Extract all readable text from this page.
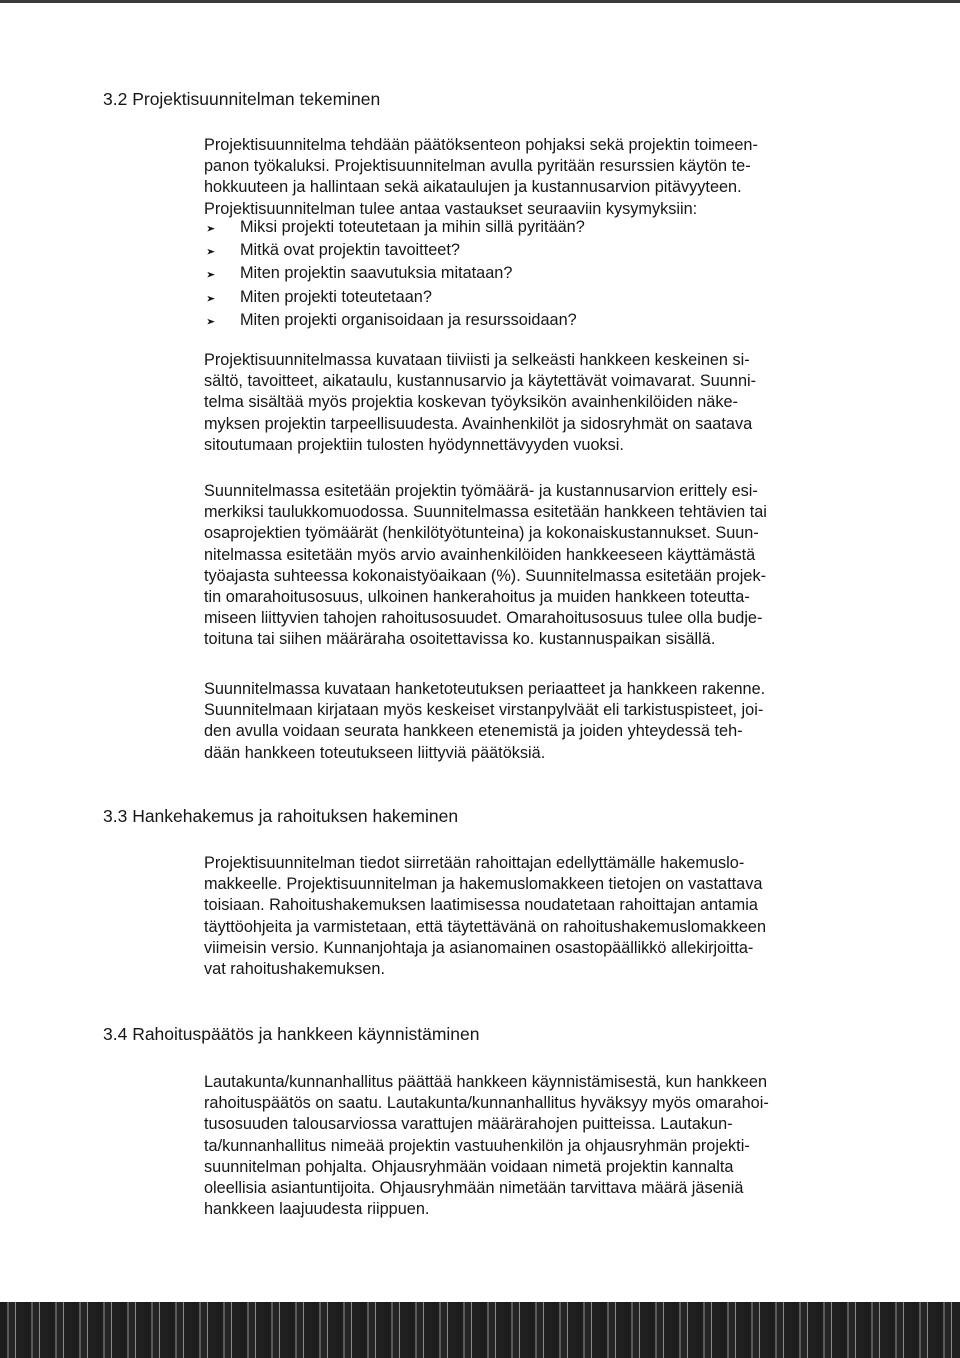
3.2 Projektisuunnitelman tekeminen

Projektisuunnitelma tehdään päätöksenteon pohjaksi sekä projektin toimeen-
panon työkaluksi. Projektisuunnitelman avulla pyritään resurssien käytön te-
hokkuuteen ja hallintaan sekä aikataulujen ja kustannusarvion pitävyyteen.
Projektisuunnitelman tulee antaa vastaukset seuraaviin kysymyksiin:

➤ Miksi projekti toteutetaan ja mihin sillä pyritään?
➤ Mitkä ovat projektin tavoitteet?
➤ Miten projektin saavutuksia mitataan?
➤ Miten projekti toteutetaan?
➤ Miten projekti organisoidaan ja resurssoidaan?

Projektisuunnitelmassa kuvataan tiiviisti ja selkeästi hankkeen keskeinen si-
sältö, tavoitteet, aikataulu, kustannusarvio ja käytettävät voimavarat. Suunni-
telma sisältää myös projektia koskevan työyksikön avainhenkilöiden näke-
myksen projektin tarpeellisuudesta. Avainhenkilöt ja sidosryhmät on saatava
sitoutumaan projektiin tulosten hyödynnettävyyden vuoksi.

Suunnitelmassa esitetään projektin työmäärä- ja kustannusarvion erittely esi-
merkiksi taulukkomuodossa. Suunnitelmassa esitetään hankkeen tehtävien tai
osaprojektien työmäärät (henkilötyötunteina) ja kokonaiskustannukset. Suun-
nitelmassa esitetään myös arvio avainhenkilöiden hankkeeseen käyttämästä
työajasta suhteessa kokonaistyöaikaan (%). Suunnitelmassa esitetään projek-
tin omarahoitusosuus, ulkoinen hankerahoitus ja muiden hankkeen toteutta-
miseen liittyvien tahojen rahoitusosuudet. Omarahoitusosuus tulee olla budje-
toituna tai siihen määräraha osoitettavissa ko. kustannuspaikan sisällä.

Suunnitelmassa kuvataan hanketoteutuksen periaatteet ja hankkeen rakenne.
Suunnitelmaan kirjataan myös keskeiset virstanpylväät eli tarkistuspisteet, joi-
den avulla voidaan seurata hankkeen etenemistä ja joiden yhteydessä teh-
dään hankkeen toteutukseen liittyviä päätöksiä.

3.3 Hankehakemus ja rahoituksen hakeminen

Projektisuunnitelman tiedot siirretään rahoittajan edellyttämälle hakemuslo-
makkeelle. Projektisuunnitelman ja hakemuslomakkeen tietojen on vastattava
toisiaan. Rahoitushakemuksen laatimisessa noudatetaan rahoittajan antamia
täyttöohjeita ja varmistetaan, että täytettävänä on rahoitushakemuslomakkeen
viimeisin versio. Kunnanjohtaja ja asianomainen osastopäällikkö allekirjoitta-
vat rahoitushakemuksen.

3.4 Rahoituspäätös ja hankkeen käynnistäminen

Lautakunta/kunnanhallitus päättää hankkeen käynnistämisestä, kun hankkeen
rahoituspäätös on saatu. Lautakunta/kunnanhallitus hyväksyy myös omarahoi-
tusosuuden talousarviossa varattujen määrärahojen puitteissa. Lautakun-
ta/kunnanhallitus nimeää projektin vastuuhenkilön ja ohjausryhmän projekti-
suunnitelman pohjalta. Ohjausryhmään voidaan nimetä projektin kannalta
oleellisia asiantuntijoita. Ohjausryhmään nimetään tarvittava määrä jäseniä
hankkeen laajuudesta riippuen.
